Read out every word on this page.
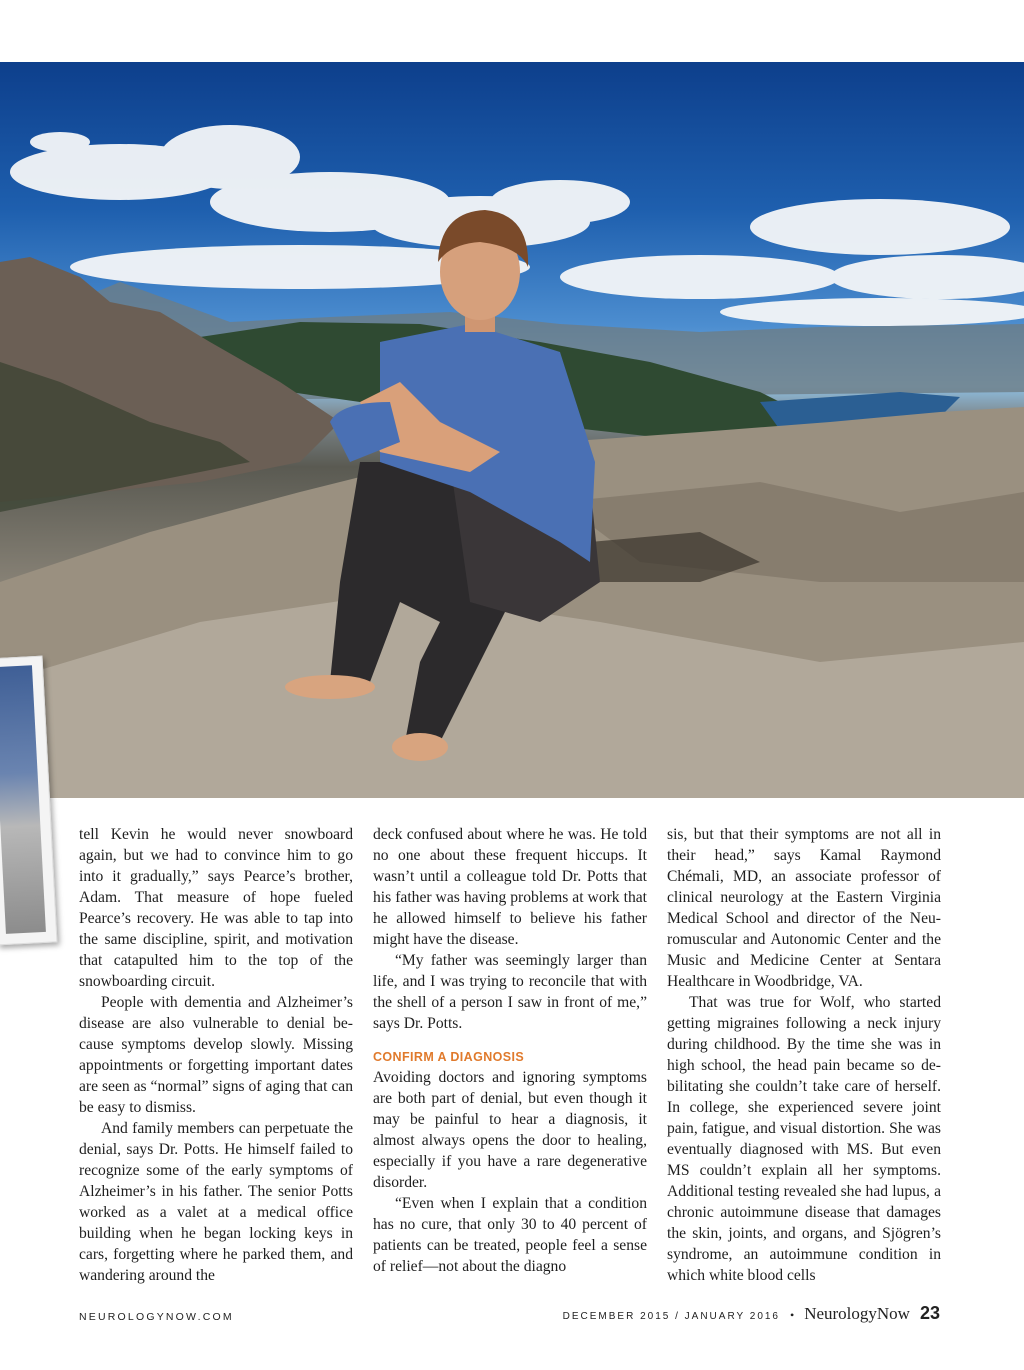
tell Kevin he would never snowboard again, but we had to convince him to go into it gradually,” says Pearce’s brother, Adam. That measure of hope fueled Pearce’s recovery. He was able to tap into the same discipline, spirit, and motivation that catapulted him to the top of the snowboarding circuit.

People with dementia and Alzheimer’s disease are also vulnerable to denial because symptoms develop slowly. Missing appointments or forgetting important dates are seen as “normal” signs of aging that can be easy to dismiss.

And family members can perpetuate the denial, says Dr. Potts. He himself failed to recognize some of the early symptoms of Alzheimer’s in his father. The senior Potts worked as a valet at a medical office building when he began locking keys in cars, forgetting where he parked them, and wandering around the

deck confused about where he was. He told no one about these frequent hiccups. It wasn’t until a colleague told Dr. Potts that his father was having problems at work that he allowed himself to believe his father might have the disease.

“My father was seemingly larger than life, and I was trying to reconcile that with the shell of a person I saw in front of me,” says Dr. Potts.

CONFIRM A DIAGNOSIS

Avoiding doctors and ignoring symptoms are both part of denial, but even though it may be painful to hear a diagnosis, it almost always opens the door to healing, especially if you have a rare degenerative disorder.

“Even when I explain that a condition has no cure, that only 30 to 40 percent of patients can be treated, people feel a sense of relief—not about the diagno

sis, but that their symptoms are not all in their head,” says Kamal Raymond Chémali, MD, an associate professor of clinical neurology at the Eastern Virginia Medical School and director of the Neuromuscular and Autonomic Center and the Music and Medicine Center at Sentara Healthcare in Woodbridge, VA.

That was true for Wolf, who started getting migraines following a neck injury during childhood. By the time she was in high school, the head pain became so debilitating she couldn’t take care of herself. In college, she experienced severe joint pain, fatigue, and visual distortion. She was eventually diagnosed with MS. But even MS couldn’t explain all her symptoms. Additional testing revealed she had lupus, a chronic autoimmune disease that damages the skin, joints, and organs, and Sjögren’s syndrome, an autoimmune condition in which white blood cells

NEUROLOGYNOW.COM	DECEMBER 2015 / JANUARY 2016 • NeurologyNow 23
